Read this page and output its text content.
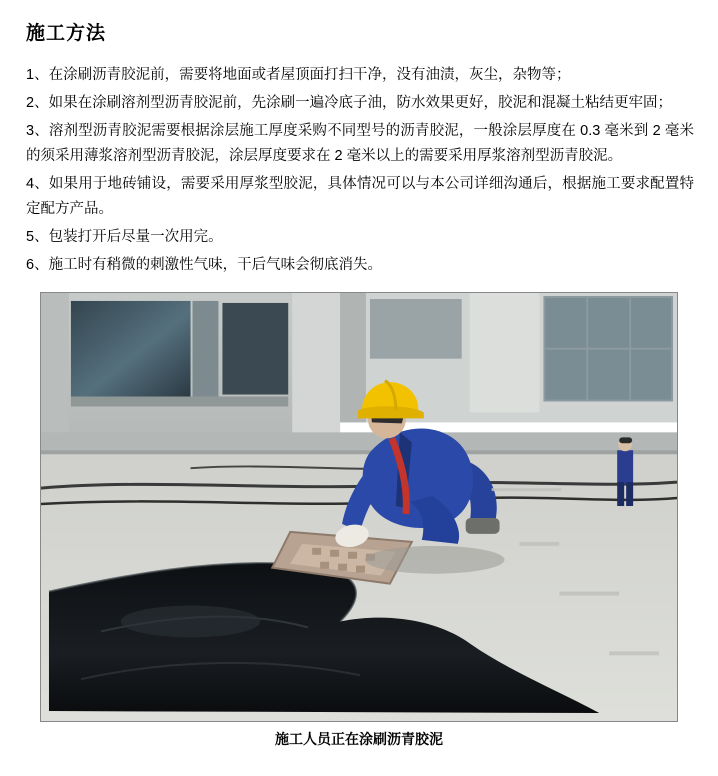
施工方法

1、在涂刷沥青胶泥前，需要将地面或者屋顶面打扫干净，没有油渍，灰尘，杂物等；

2、如果在涂刷溶剂型沥青胶泥前，先涂刷一遍冷底子油，防水效果更好，胶泥和混凝土粘结更牢固；

3、溶剂型沥青胶泥需要根据涂层施工厚度采购不同型号的沥青胶泥，一般涂层厚度在 0.3 毫米到 2 毫米的须采用薄浆溶剂型沥青胶泥，涂层厚度要求在 2 毫米以上的需要采用厚浆溶剂型沥青胶泥。

4、如果用于地砖铺设，需要采用厚浆型胶泥，具体情况可以与本公司详细沟通后，根据施工要求配置特定配方产品。

5、包装打开后尽量一次用完。

6、施工时有稍微的刺激性气味，干后气味会彻底消失。

施工人员正在涂刷沥青胶泥
